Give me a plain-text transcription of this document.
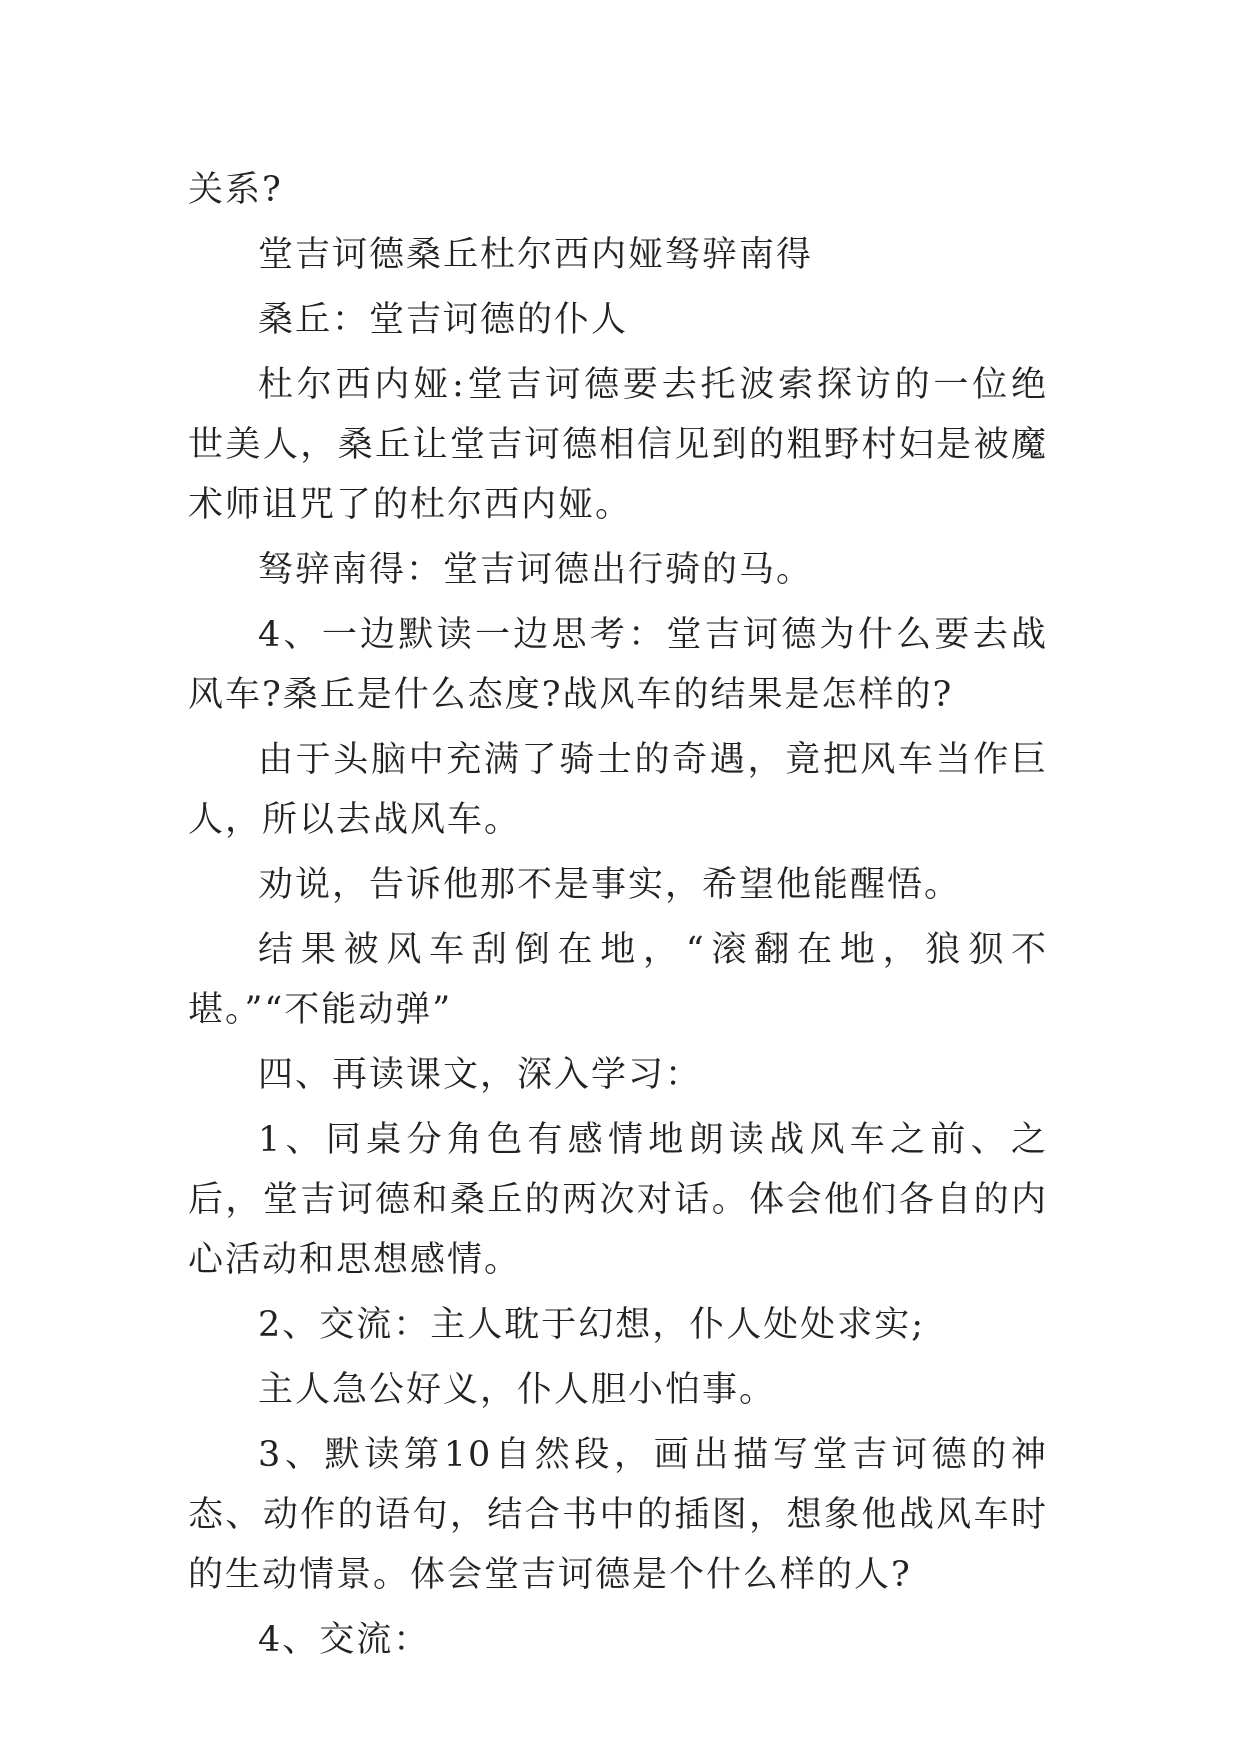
关系?

堂吉诃德桑丘杜尔西内娅驽骍南得

桑丘：堂吉诃德的仆人

杜尔西内娅:堂吉诃德要去托波索探访的一位绝世美人，桑丘让堂吉诃德相信见到的粗野村妇是被魔术师诅咒了的杜尔西内娅。

驽骍南得：堂吉诃德出行骑的马。

4、一边默读一边思考：堂吉诃德为什么要去战风车?桑丘是什么态度?战风车的结果是怎样的?

由于头脑中充满了骑士的奇遇，竟把风车当作巨人，所以去战风车。

劝说，告诉他那不是事实，希望他能醒悟。

结果被风车刮倒在地，“滚翻在地，狼狈不堪。”“不能动弹”

四、再读课文，深入学习：

1、同桌分角色有感情地朗读战风车之前、之后，堂吉诃德和桑丘的两次对话。体会他们各自的内心活动和思想感情。

2、交流：主人耽于幻想，仆人处处求实;

主人急公好义，仆人胆小怕事。

3、默读第10自然段，画出描写堂吉诃德的神态、动作的语句，结合书中的插图，想象他战风车时的生动情景。体会堂吉诃德是个什么样的人?

4、交流：
